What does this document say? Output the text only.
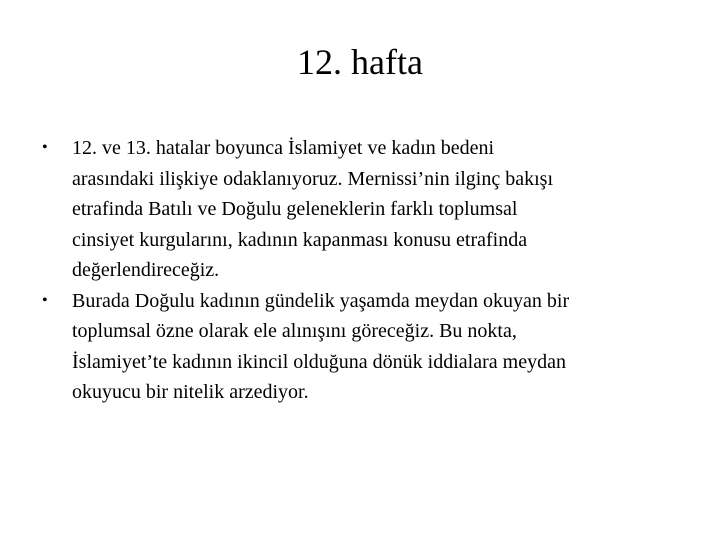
12. hafta
•	12. ve 13. hatalar boyunca İslamiyet ve kadın bedeni
arasındaki ilişkiye odaklanıyoruz. Mernissi’nin ilginç bakışı
etrafinda Batılı ve Doğulu geleneklerin farklı toplumsal
cinsiyet kurgularını, kadının kapanması konusu etrafinda
değerlendireceğiz.
•	Burada Doğulu kadının gündelik yaşamda meydan okuyan bir
toplumsal özne olarak ele alınışını göreceğiz. Bu nokta,
İslamiyet’te kadının ikincil olduğuna dönük iddialara meydan
okuyucu bir nitelik arzediyor.
